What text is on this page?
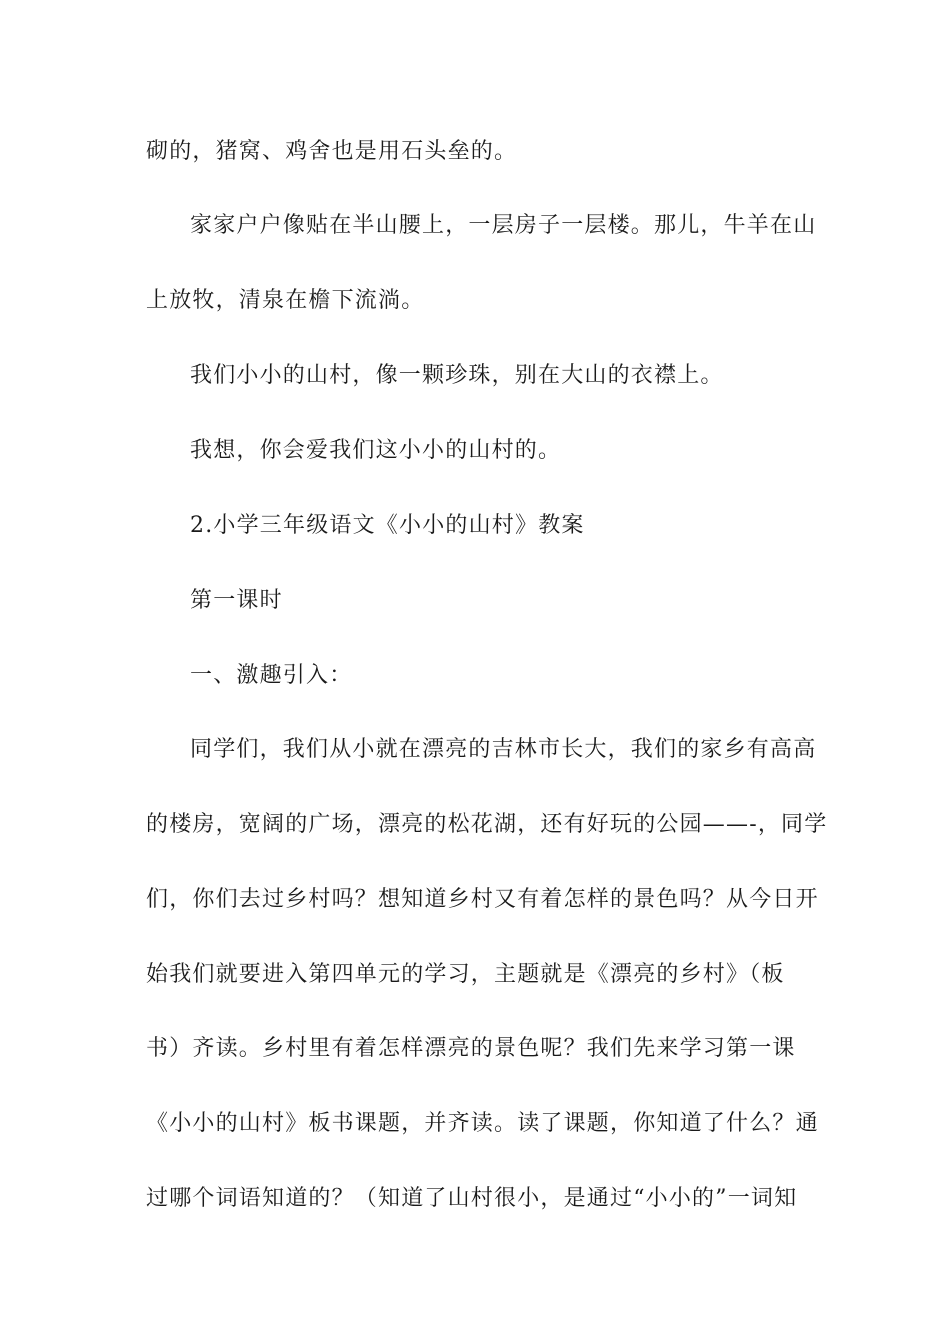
砌的，猪窝、鸡舍也是用石头垒的。
家家户户像贴在半山腰上，一层房子一层楼。那儿，牛羊在山
上放牧，清泉在檐下流淌。
我们小小的山村，像一颗珍珠，别在大山的衣襟上。
我想，你会爱我们这小小的山村的。
2.小学三年级语文《小小的山村》教案
第一课时
一、激趣引入：
同学们，我们从小就在漂亮的吉林市长大，我们的家乡有高高
的楼房，宽阔的广场，漂亮的松花湖，还有好玩的公园——-，同学
们，你们去过乡村吗？想知道乡村又有着怎样的景色吗？从今日开
始我们就要进入第四单元的学习，主题就是《漂亮的乡村》（板
书）齐读。乡村里有着怎样漂亮的景色呢？我们先来学习第一课
《小小的山村》板书课题，并齐读。读了课题，你知道了什么？通
过哪个词语知道的？（知道了山村很小，是通过“小小的”一词知
